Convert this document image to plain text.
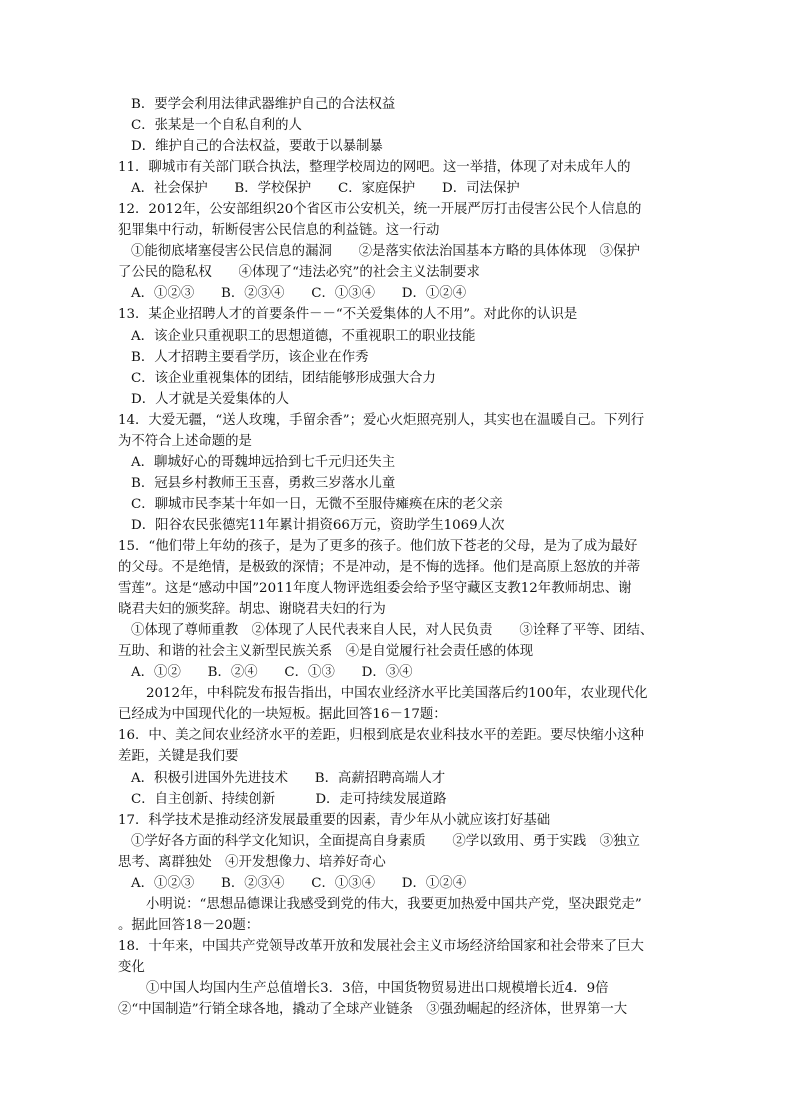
B．要学会利用法律武器维护自己的合法权益
C．张某是一个自私自利的人
D．维护自己的合法权益，要敢于以暴制暴
11．聊城市有关部门联合执法，整理学校周边的网吧。这一举措，体现了对未成年人的
A．社会保护　　B．学校保护　　C．家庭保护　　D．司法保护
12．2012年，公安部组织20个省区市公安机关，统一开展严厉打击侵害公民个人信息的
犯罪集中行动，斩断侵害公民信息的利益链。这一行动
①能彻底堵塞侵害公民信息的漏洞　　②是落实依法治国基本方略的具体体现　③保护
了公民的隐私权　　④体现了“违法必究”的社会主义法制要求
A．①②③　　B．②③④　　C．①③④　　D．①②④
13．某企业招聘人才的首要条件－－“不关爱集体的人不用”。对此你的认识是
A．该企业只重视职工的思想道德，不重视职工的职业技能
B．人才招聘主要看学历，该企业在作秀
C．该企业重视集体的团结，团结能够形成强大合力
D．人才就是关爱集体的人
14．大爱无疆，“送人玫瑰，手留余香”；爱心火炬照亮别人，其实也在温暖自己。下列行
为不符合上述命题的是
A．聊城好心的哥魏坤远拾到七千元归还失主
B．冠县乡村教师王玉喜，勇救三岁落水儿童
C．聊城市民李某十年如一日，无微不至服侍瘫痪在床的老父亲
D．阳谷农民张德宪11年累计捐资66万元，资助学生1069人次
15．“他们带上年幼的孩子，是为了更多的孩子。他们放下苍老的父母，是为了成为最好
的父母。不是绝情，是极致的深情；不是冲动，是不悔的选择。他们是高原上怒放的并蒂
雪莲”。这是“感动中国”2011年度人物评选组委会给予坚守藏区支教12年教师胡忠、谢
晓君夫妇的颁奖辞。胡忠、谢晓君夫妇的行为
①体现了尊师重教　②体现了人民代表来自人民，对人民负责　　③诠释了平等、团结、
互助、和谐的社会主义新型民族关系　④是自觉履行社会责任感的体现
A．①②　　B．②④　　C．①③　　D．③④
2012年，中科院发布报告指出，中国农业经济水平比美国落后约100年，农业现代化
已经成为中国现代化的一块短板。据此回答16－17题：
16．中、美之间农业经济水平的差距，归根到底是农业科技水平的差距。要尽快缩小这种
差距，关键是我们要
A．积极引进国外先进技术　　B．高薪招聘高端人才
C．自主创新、持续创新　　　D．走可持续发展道路
17．科学技术是推动经济发展最重要的因素，青少年从小就应该打好基础
①学好各方面的科学文化知识，全面提高自身素质　　②学以致用、勇于实践　③独立
思考、离群独处　④开发想像力、培养好奇心
A．①②③　　B．②③④　　C．①③④　　D．①②④
小明说：“思想品德课让我感受到党的伟大，我要更加热爱中国共产党，坚决跟党走”
。据此回答18－20题：
18．十年来，中国共产党领导改革开放和发展社会主义市场经济给国家和社会带来了巨大
变化
①中国人均国内生产总值增长3．3倍，中国货物贸易进出口规模增长近4．9倍
②“中国制造”行销全球各地，撬动了全球产业链条　③强劲崛起的经济体，世界第一大
